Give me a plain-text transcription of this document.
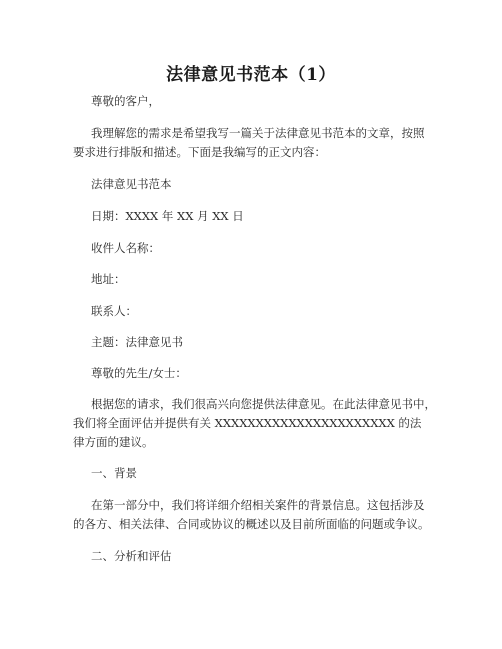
法律意见书范本（1）
尊敬的客户，
我理解您的需求是希望我写一篇关于法律意见书范本的文章，按照
要求进行排版和描述。下面是我编写的正文内容：
法律意见书范本
日期：XXXX 年 XX 月 XX 日
收件人名称：
地址：
联系人：
主题：法律意见书
尊敬的先生/女士：
根据您的请求，我们很高兴向您提供法律意见。在此法律意见书中，
我们将全面评估并提供有关 XXXXXXXXXXXXXXXXXXXXXX 的法
律方面的建议。
一、背景
在第一部分中，我们将详细介绍相关案件的背景信息。这包括涉及
的各方、相关法律、合同或协议的概述以及目前所面临的问题或争议。
二、分析和评估
